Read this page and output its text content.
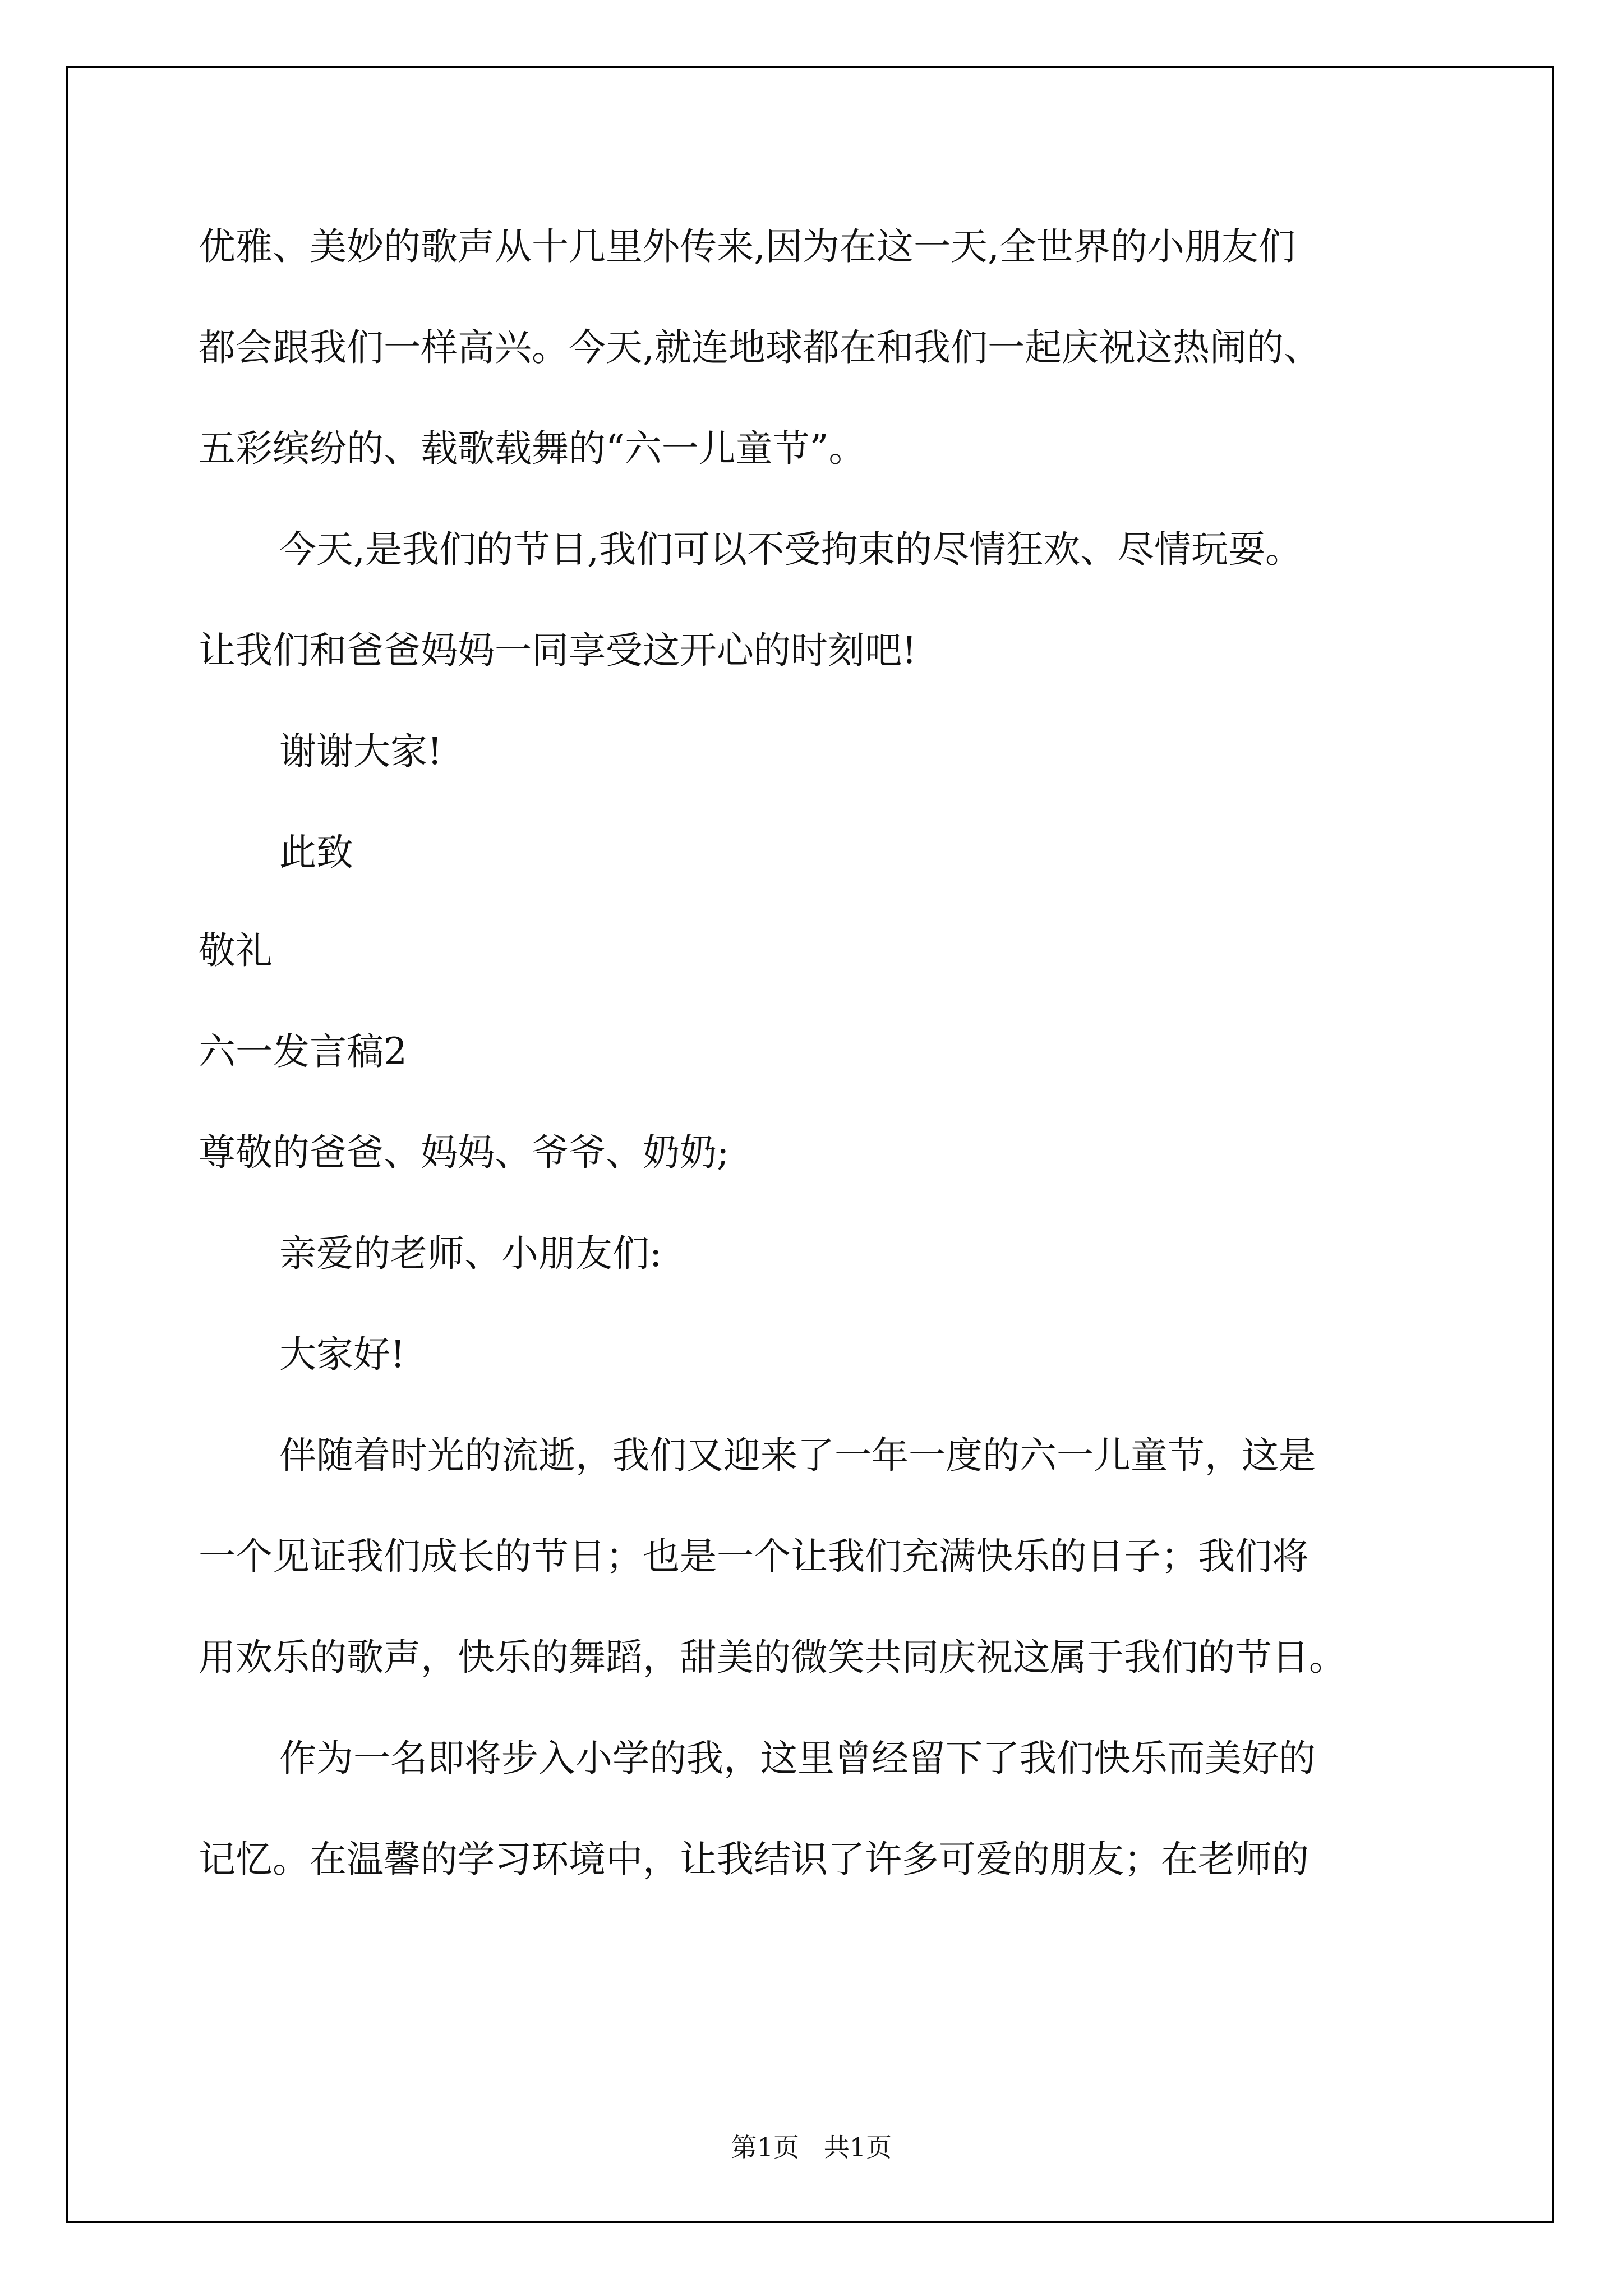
优雅、美妙的歌声从十几里外传来,因为在这一天,全世界的小朋友们
都会跟我们一样高兴。今天,就连地球都在和我们一起庆祝这热闹的、
五彩缤纷的、载歌载舞的“六一儿童节”。
今天,是我们的节日,我们可以不受拘束的尽情狂欢、尽情玩耍。
让我们和爸爸妈妈一同享受这开心的时刻吧!
谢谢大家!
此致
敬礼
六一发言稿2
尊敬的爸爸、妈妈、爷爷、奶奶;
亲爱的老师、小朋友们:
大家好!
伴随着时光的流逝，我们又迎来了一年一度的六一儿童节，这是
一个见证我们成长的节日；也是一个让我们充满快乐的日子；我们将
用欢乐的歌声，快乐的舞蹈，甜美的微笑共同庆祝这属于我们的节日。
作为一名即将步入小学的我，这里曾经留下了我们快乐而美好的
记忆。在温馨的学习环境中，让我结识了许多可爱的朋友；在老师的
第1页   共1页
